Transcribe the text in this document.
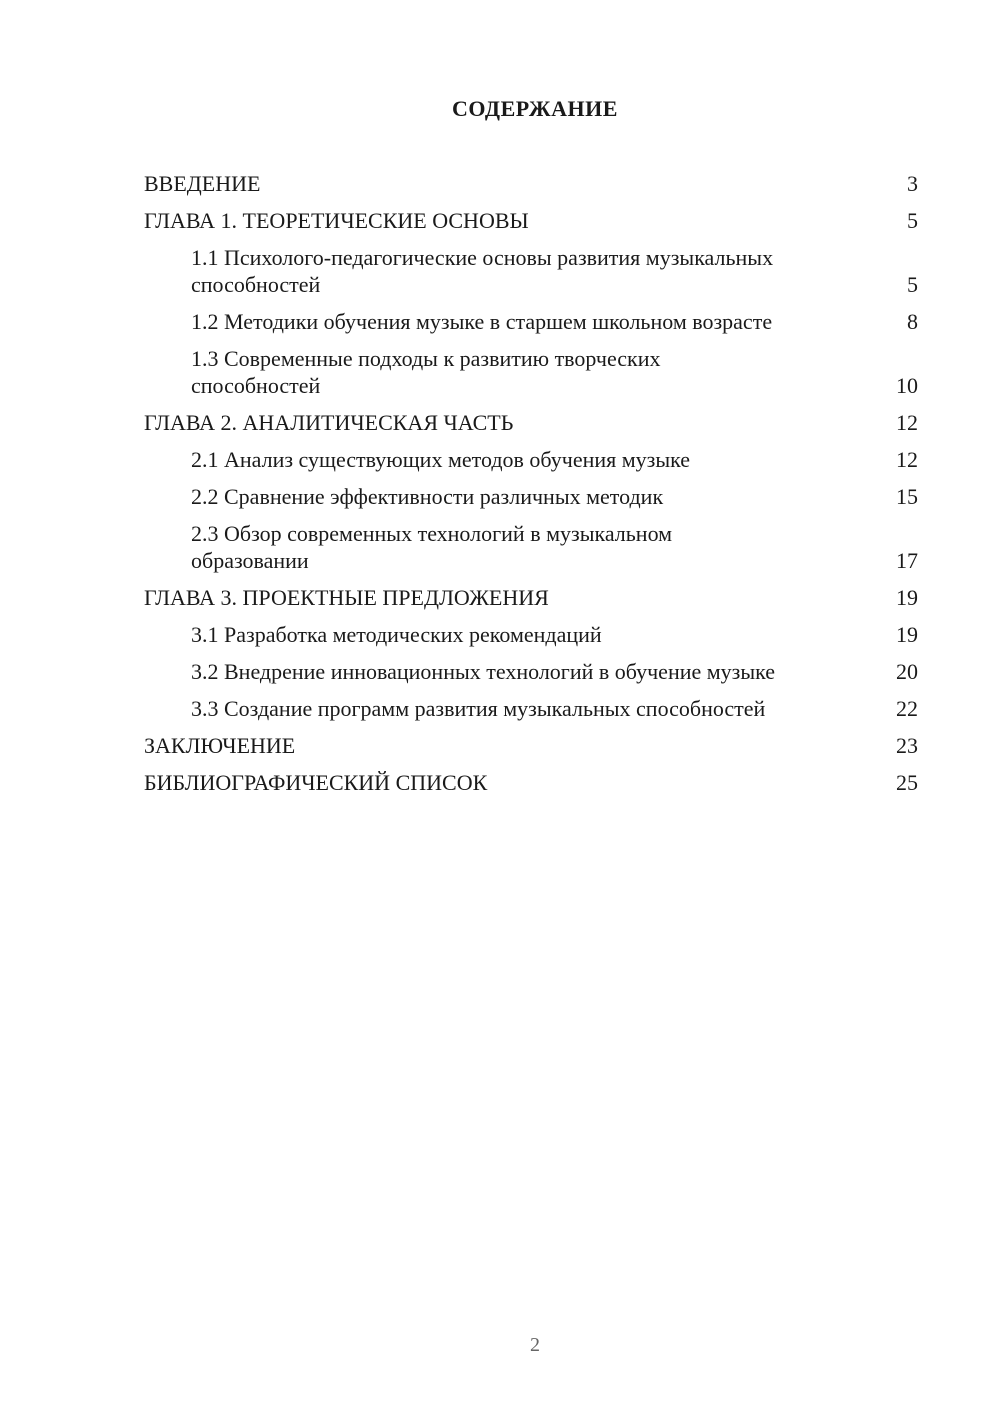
СОДЕРЖАНИЕ
ВВЕДЕНИЕ	3
ГЛАВА 1. ТЕОРЕТИЧЕСКИЕ ОСНОВЫ	5
1.1 Психолого-педагогические основы развития музыкальных способностей	5
1.2 Методики обучения музыке в старшем школьном возрасте	8
1.3 Современные подходы к развитию творческих способностей	10
ГЛАВА 2. АНАЛИТИЧЕСКАЯ ЧАСТЬ	12
2.1 Анализ существующих методов обучения музыке	12
2.2 Сравнение эффективности различных методик	15
2.3 Обзор современных технологий в музыкальном образовании	17
ГЛАВА 3. ПРОЕКТНЫЕ ПРЕДЛОЖЕНИЯ	19
3.1 Разработка методических рекомендаций	19
3.2 Внедрение инновационных технологий в обучение музыке	20
3.3 Создание программ развития музыкальных способностей	22
ЗАКЛЮЧЕНИЕ	23
БИБЛИОГРАФИЧЕСКИЙ СПИСОК	25
2
